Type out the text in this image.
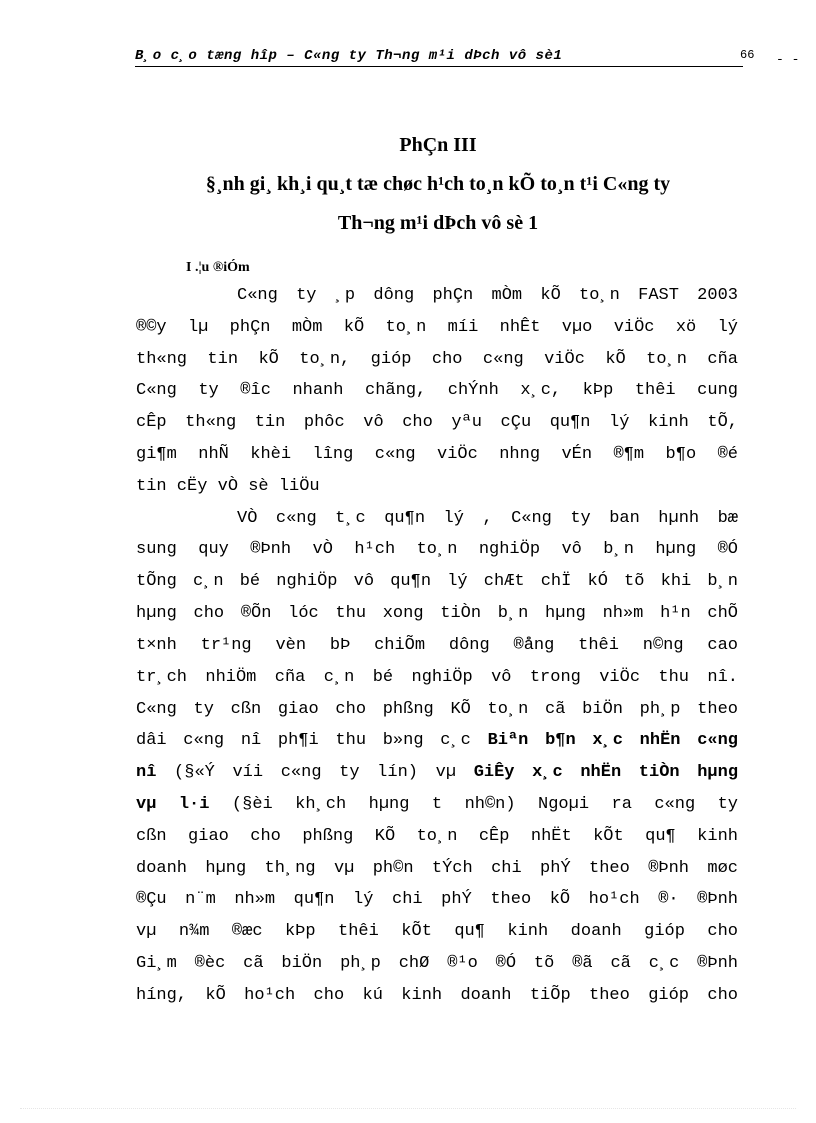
B¸o c¸o tæng hîp – C«ng ty Th¬ng m¹i dÞch vô sè1	66 - -
PhÇn III
§¸nh gi¸ kh¸i qu¸t tæ chøc h¹ch to¸n kÕ to¸n t¹i C«ng ty
Th¬ng m¹i dÞch vô sè 1
I .¦u ®iÓm
C«ng ty ¸p dông phÇn mÒm kÕ to¸n FAST 2003
®©y lµ phÇn mÒm kÕ to¸n míi nhÊt vµo viÖc xö lý
th«ng tin kÕ to¸n, gióp cho c«ng viÖc kÕ to¸n cña
C«ng ty ®îc nhanh chãng, chÝnh x¸c, kÞp thêi cung
cÊp th«ng tin phôc vô cho yªu cÇu qu¶n lý kinh tÕ,
gi¶m nhÑ khèi lîng c«ng viÖc nhng vÉn ®¶m b¶o ®é
tin cËy vÒ sè liÖu
VÒ c«ng t¸c qu¶n lý , C«ng ty ban hµnh bæ
sung quy ®Þnh vÒ h¹ch to¸n nghiÖp vô b¸n hµng ®Ó
tÕng c¸n bé nghiÖp vô qu¶n lý chÆt chÏ kÓ tõ khi b¸n
hµng cho ®Õn lóc thu xong tiÒn b¸n hµng nh»m h¹n chÕ
t×nh tr¹ng vèn bÞ chiÕm dông ®ång thêi n©ng cao
tr¸ch nhiÖm cña c¸n bé nghiÖp vô trong viÖc thu nî.
C«ng ty cßn giao cho phßng KÕ to¸n cã biÖn ph¸p theo
dâi c«ng nî ph¶i thu b»ng c¸c Biªn b¶n x¸c nhËn c«ng
nî (§«Ý víi c«ng ty lín) vµ GiÊy x¸c nhËn tiÒn hµng
vµ l·i (§èi kh¸ch hµng t nh©n) Ngoµi ra c«ng ty
cßn giao cho phßng KÕ to¸n cÊp nhËt kÕt qu¶ kinh
doanh hµng th¸ng vµ ph©n tÝch chi phÝ theo ®Þnh møc
®Çu n¨m nh»m qu¶n lý chi phÝ theo kÕ ho¹ch ®· ®Þnh
vµ n¾m ®æc kÞp thêi kÕt qu¶ kinh doanh gióp cho
Gi¸m ®èc cã biÖn ph¸p chØ ®¹o ®Ó tõ ®ã cã c¸c ®Þnh
híng, kÕ ho¹ch cho kú kinh doanh tiÕp theo gióp cho
